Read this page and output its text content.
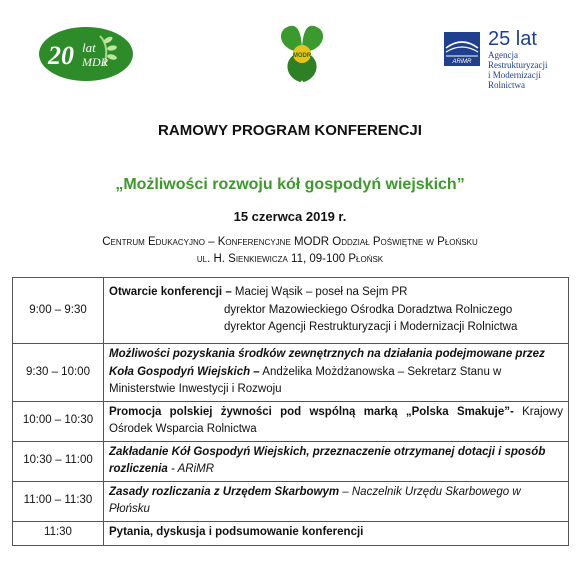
20 lat
MDR	MODR
ARiMR
25 lat
Agencja Restrukturyzacji
i Modernizacji Rolnictwa
RAMOWY PROGRAM KONFERENCJI
„Możliwości rozwoju kół gospodyń wiejskich”
15 czerwca 2019 r.
Centrum Edukacyjno – Konferencyjne MODR Oddział Poświętne w Płońsku
ul. H. Sienkiewicza 11, 09-100 Płońsk
9:00 – 9:30	Otwarcie konferencji – Maciej Wąsik – poseł na Sejm PR
dyrektor Mazowieckiego Ośrodka Doradztwa Rolniczego
dyrektor Agencji Restrukturyzacji i Modernizacji Rolnictwa

9:30 – 10:00	Możliwości pozyskania środków zewnętrznych na działania podejmowane przez Koła Gospodyń Wiejskich – Andżelika Możdżanowska – Sekretarz Stanu w Ministerstwie Inwestycji i Rozwoju
10:00 – 10:30	Promocja polskiej żywności pod wspólną marką „Polska Smakuje”- Krajowy Ośrodek Wsparcia Rolnictwa
10:30 – 11:00	Zakładanie Kół Gospodyń Wiejskich, przeznaczenie otrzymanej dotacji i sposób rozliczenia - ARiMR
11:00 – 11:30	Zasady rozliczania z Urzędem Skarbowym – Naczelnik Urzędu Skarbowego w Płońsku
11:30	Pytania, dyskusja i podsumowanie konferencji
